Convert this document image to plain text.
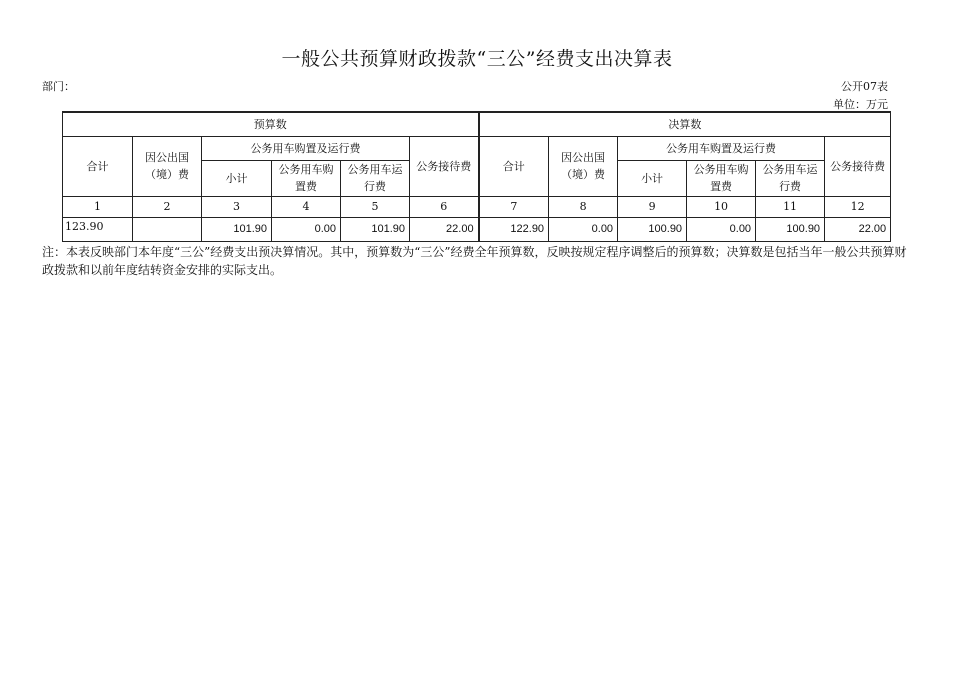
一般公共预算财政拨款“三公”经费支出决算表
部门：	公开07表
单位：万元
预算数						决算数					
合计	因公出国（境）费	公务用车购置及运行费			公务接待费	合计	因公出国（境）费	公务用车购置及运行费			公务接待费
		小计	公务用车购置费	公务用车运行费				小计	公务用车购置费	公务用车运行费	
1	2	3	4	5	6	7	8	9	10	11	12
123.90		101.90	0.00	101.90	22.00	122.90	0.00	100.90	0.00	100.90	22.00
注：本表反映部门本年度“三公”经费支出预决算情况。其中，预算数为“三公”经费全年预算数，反映按规定程序调整后的预算数；决算数是包括当年一般公共预算财政拨款和以前年度结转资金安排的实际支出。
